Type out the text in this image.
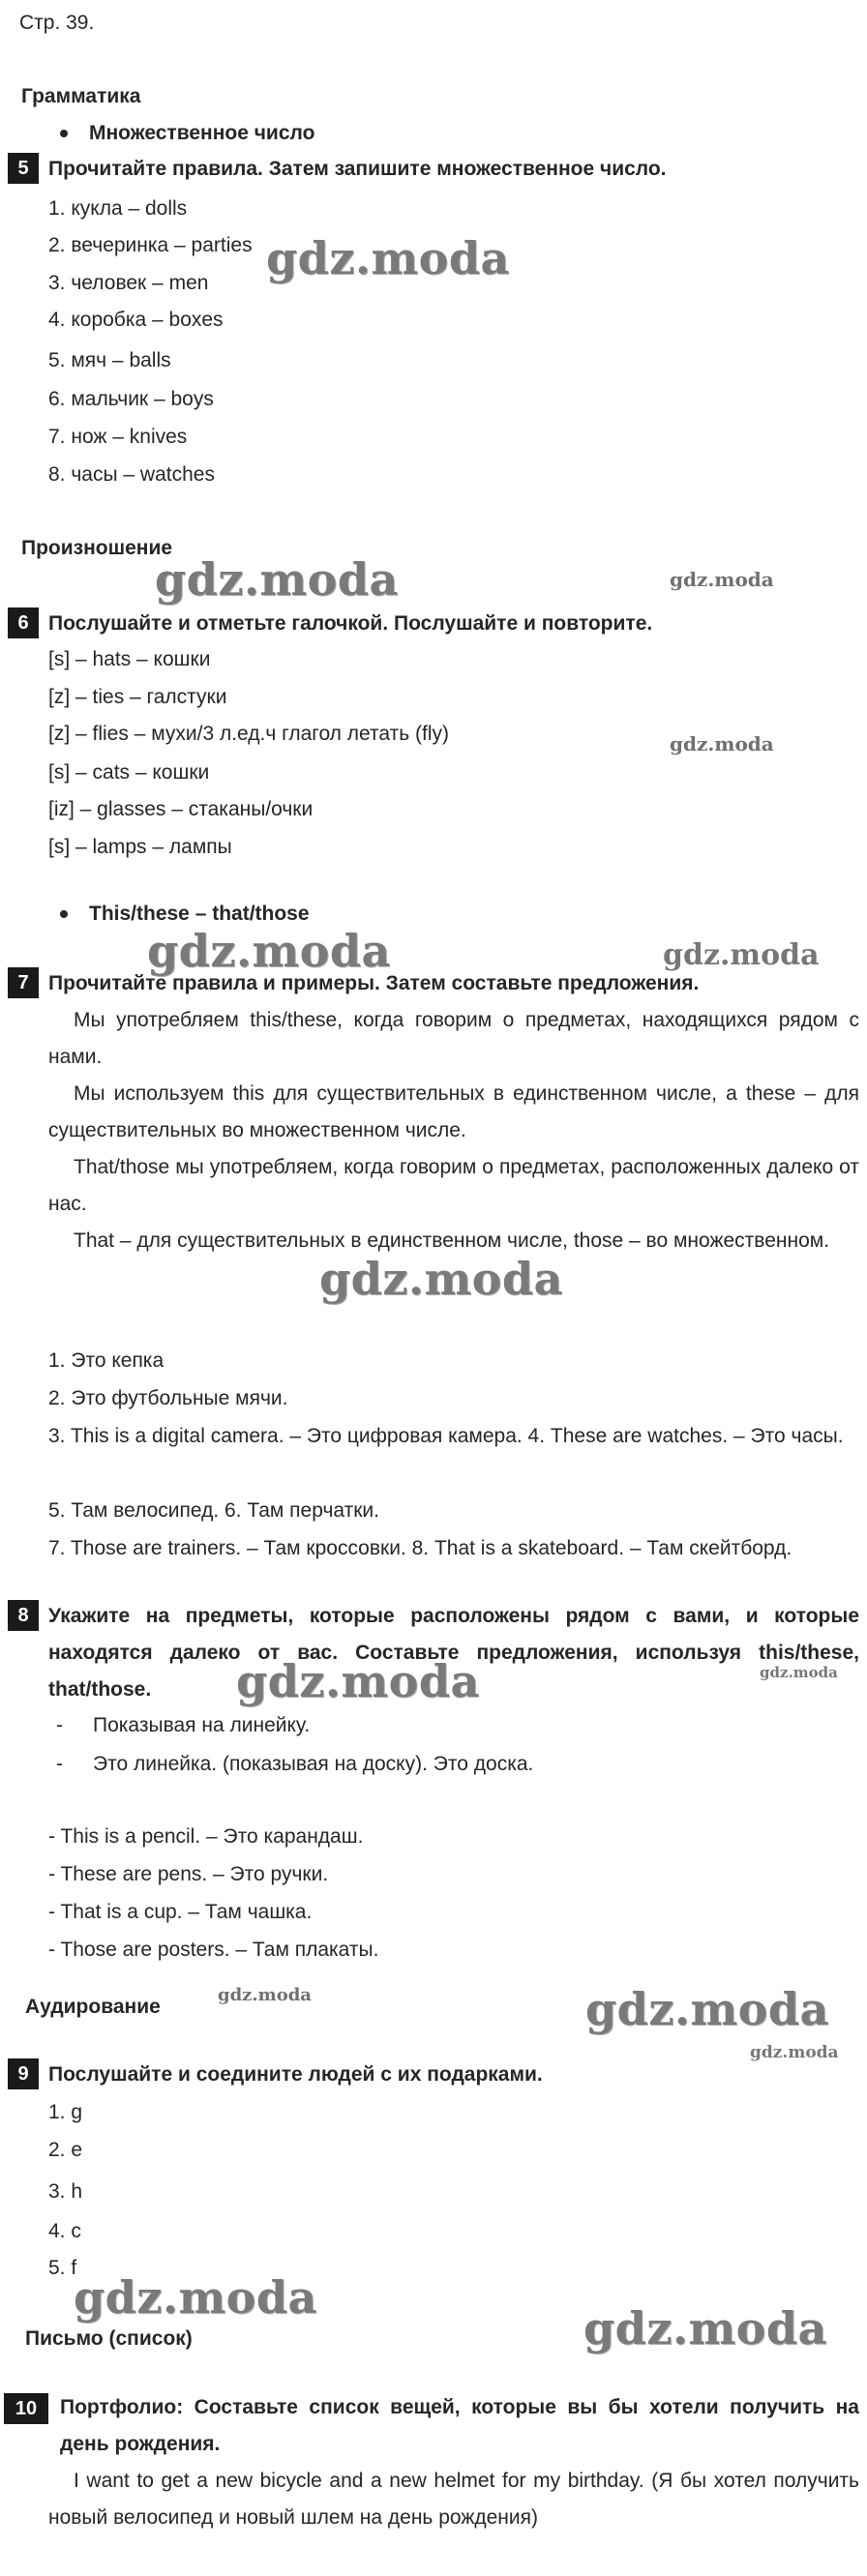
Стр. 39.
Грамматика
Множественное число
5 Прочитайте правила. Затем запишите множественное число.
1. кукла – dolls
2. вечеринка – parties
3. человек – men
4. коробка – boxes
5. мяч – balls
6. мальчик – boys
7. нож – knives
8. часы – watches
Произношение
6 Послушайте и отметьте галочкой. Послушайте и повторите.
[s] – hats – кошки
[z] – ties – галстуки
[z] – flies – мухи/3 л.ед.ч глагол летать (fly)
[s] – cats – кошки
[iz] – glasses – стаканы/очки
[s] – lamps – лампы
This/these – that/those
7 Прочитайте правила и примеры. Затем составьте предложения.
Мы употребляем this/these, когда говорим о предметах, находящихся рядом с нами.
Мы используем this для существительных в единственном числе, а these – для существительных во множественном числе.
That/those мы употребляем, когда говорим о предметах, расположенных далеко от нас.
That – для существительных в единственном числе, those – во множественном.
1. Это кепка
2. Это футбольные мячи.
3. This is a digital camera. – Это цифровая камера. 4. These are watches. – Это часы.
5. Там велосипед. 6. Там перчатки.
7. Those are trainers. – Там кроссовки. 8. That is a skateboard. – Там скейтборд.
8 Укажите на предметы, которые расположены рядом с вами, и которые находятся далеко от вас. Составьте предложения, используя this/these, that/those.
- Показывая на линейку.
- Это линейка. (показывая на доску). Это доска.
- This is a pencil. – Это карандаш.
- These are pens. – Это ручки.
- That is a cup. – Там чашка.
- Those are posters. – Там плакаты.
Аудирование
9 Послушайте и соедините людей с их подарками.
1. g
2. e
3. h
4. c
5. f
Письмо (список)
10	Портфолио: Составьте список вещей, которые вы бы хотели получить на день рождения.
I want to get a new bicycle and a new helmet for my birthday. (Я бы хотел получить новый велосипед и новый шлем на день рождения)
gdz.moda
gdz.moda	gdz.moda
gdz.moda
gdz.moda	gdz.moda
gdz.moda
gdz.moda	gdz.moda
gdz.moda	gdz.moda
gdz.moda
gdz.moda
gdz.moda
